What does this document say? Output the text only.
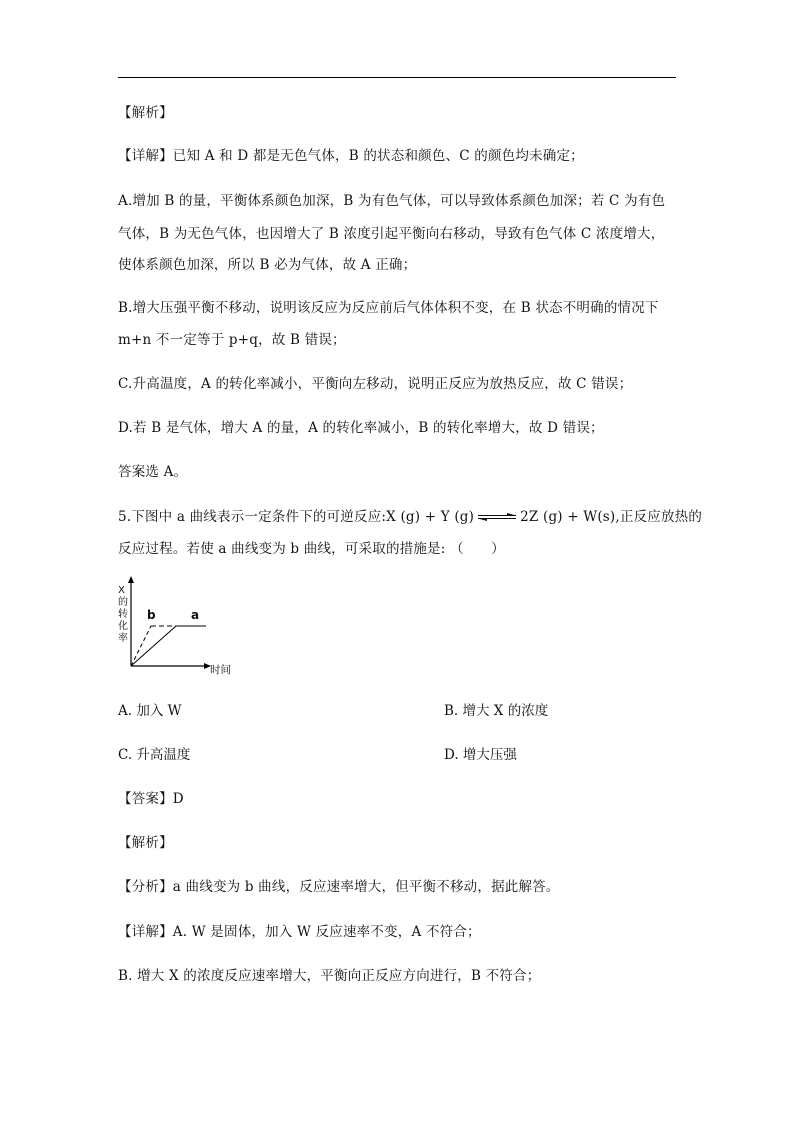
【解析】
【详解】已知 A 和 D 都是无色气体，B 的状态和颜色、C 的颜色均未确定；
A.增加 B 的量，平衡体系颜色加深，B 为有色气体，可以导致体系颜色加深；若 C 为有色
气体，B 为无色气体，也因增大了 B 浓度引起平衡向右移动，导致有色气体 C 浓度增大，
使体系颜色加深，所以 B 必为气体，故 A 正确；
B.增大压强平衡不移动，说明该反应为反应前后气体体积不变，在 B 状态不明确的情况下
m+n 不一定等于 p+q，故 B 错误；
C.升高温度，A 的转化率减小，平衡向左移动，说明正反应为放热反应，故 C 错误；
D.若 B 是气体，增大 A 的量，A 的转化率减小，B 的转化率增大，故 D 错误；
答案选 A。
5.下图中 a 曲线表示一定条件下的可逆反应:X (g) + Y (g) ⇌ 2Z (g) + W(s),正反应放热的
反应过程。若使 a 曲线变为 b 曲线，可采取的措施是: （　　）
X的转化率
时间
b	a
A. 加入 W	B. 增大 X 的浓度
C. 升高温度	D. 增大压强
【答案】D
【解析】
【分析】a 曲线变为 b 曲线，反应速率增大，但平衡不移动，据此解答。
【详解】A. W 是固体，加入 W 反应速率不变，A 不符合；
B. 增大 X 的浓度反应速率增大，平衡向正反应方向进行，B 不符合；
